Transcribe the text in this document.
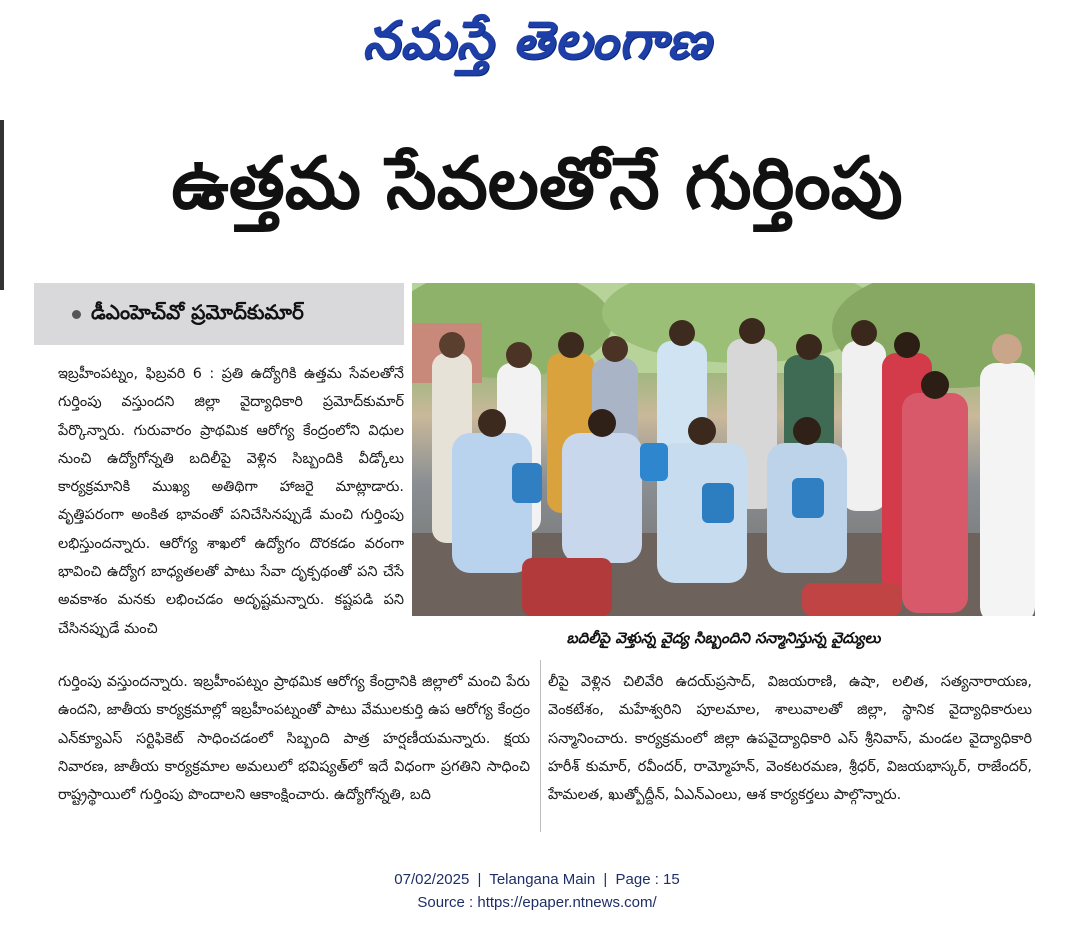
నమస్తే తెలంగాణ
ఉత్తమ సేవలతోనే గుర్తింపు
డీఎంహెచ్‌వో ప్రమోద్‌కుమార్

ఇబ్రహీంపట్నం, ఫిబ్రవరి 6 : ప్రతి ఉద్యోగికి ఉత్తమ సేవలతోనే గుర్తింపు వస్తుందని జిల్లా వైద్యాధికారి ప్రమోద్‌కుమార్ పేర్కొన్నారు. గురువారం ప్రాథమిక ఆరోగ్య కేంద్రంలోని విధుల నుంచి ఉద్యోగోన్నతి బదిలీపై వెళ్లిన సిబ్బందికి వీడ్కోలు కార్యక్రమానికి ముఖ్య అతిథిగా హాజరై మాట్లాడారు. వృత్తిపరంగా అంకిత భావంతో పనిచేసినప్పుడే మంచి గుర్తింపు లభిస్తుందన్నారు. ఆరోగ్య శాఖలో ఉద్యోగం దొరకడం వరంగా భావించి ఉద్యోగ బాధ్యతలతో పాటు సేవా దృక్పథంతో పని చేసే అవకాశం మనకు లభించడం అదృష్టమన్నారు. కష్టపడి పని చేసినప్పుడే మంచి

గుర్తింపు వస్తుందన్నారు. ఇబ్రహీంపట్నం ప్రాథమిక ఆరోగ్య కేంద్రానికి జిల్లాలో మంచి పేరు ఉందని, జాతీయ కార్యక్రమాల్లో ఇబ్రహీంపట్నంతో పాటు వేములకుర్తి ఉప ఆరోగ్య కేంద్రం ఎన్‌క్యూఎస్ సర్టిఫికెట్ సాధించడంలో సిబ్బంది పాత్ర హర్షణీయమన్నారు. క్షయ నివారణ, జాతీయ కార్యక్రమాల అమలులో భవిష్యత్‌లో ఇదే విధంగా ప్రగతిని సాధించి రాష్ట్రస్థాయిలో గుర్తింపు పొందాలని ఆకాంక్షించారు. ఉద్యోగోన్నతి, బది

లీపై వెళ్లిన చిలివేరి ఉదయ్‌ప్రసాద్, విజయరాణి, ఉషా, లలిత, సత్యనారాయణ, వెంకటేశం, మహేశ్వరిని పూలమాల, శాలువాలతో జిల్లా, స్థానిక వైద్యాధికారులు సన్మానించారు. కార్యక్రమంలో జిల్లా ఉపవైద్యాధికారి ఎస్ శ్రీనివాస్, మండల వైద్యాధికారి హరీశ్ కుమార్, రవీందర్, రామ్మోహన్, వెంకటరమణ, శ్రీధర్, విజయభాస్కర్, రాజేందర్, హేమలత, ఖుత్బోద్దీన్, ఏఎన్‌ఎంలు, ఆశ కార్యకర్తలు పాల్గొన్నారు.

బదిలీపై వెళ్తున్న వైద్య సిబ్బందిని సన్మానిస్తున్న వైద్యులు
07/02/2025 | Telangana Main | Page : 15
Source : https://epaper.ntnews.com/
